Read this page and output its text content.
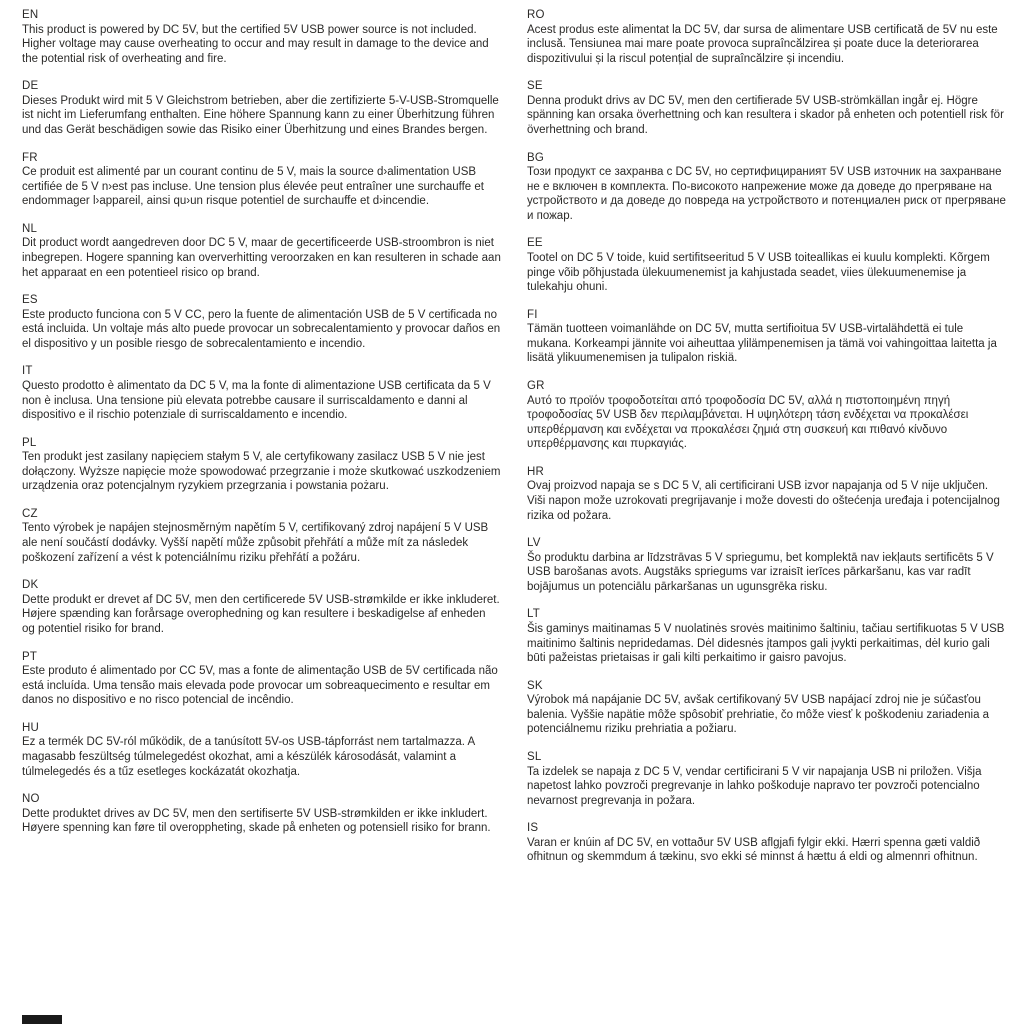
EN

This product is powered by DC 5V, but the certified 5V USB power source is not included. Higher voltage may cause overheating to occur and may result in damage to the device and the potential risk of overheating and fire.

DE

Dieses Produkt wird mit 5 V Gleichstrom betrieben, aber die zertifizierte 5-V-USB-Stromquelle ist nicht im Lieferumfang enthalten. Eine höhere Spannung kann zu einer Überhitzung führen und das Gerät beschädigen sowie das Risiko einer Überhitzung und eines Brandes bergen.

FR

Ce produit est alimenté par un courant continu de 5 V, mais la source d›alimentation USB certifiée de 5 V n›est pas incluse. Une tension plus élevée peut entraîner une surchauffe et endommager l›appareil, ainsi qu›un risque potentiel de surchauffe et d›incendie.

NL

Dit product wordt aangedreven door DC 5 V, maar de gecertificeerde USB-stroombron is niet inbegrepen. Hogere spanning kan oververhitting veroorzaken en kan resulteren in schade aan het apparaat en een potentieel risico op brand.

ES

Este producto funciona con 5 V CC, pero la fuente de alimentación USB de 5 V certificada no está incluida. Un voltaje más alto puede provocar un sobrecalentamiento y provocar daños en el dispositivo y un posible riesgo de sobrecalentamiento e incendio.

IT

Questo prodotto è alimentato da DC 5 V, ma la fonte di alimentazione USB certificata da 5 V non è inclusa. Una tensione più elevata potrebbe causare il surriscaldamento e danni al dispositivo e il rischio potenziale di surriscaldamento e incendio.

PL

Ten produkt jest zasilany napięciem stałym 5 V, ale certyfikowany zasilacz USB 5 V nie jest dołączony. Wyższe napięcie może spowodować przegrzanie i może skutkować uszkodzeniem urządzenia oraz potencjalnym ryzykiem przegrzania i powstania pożaru.

CZ

Tento výrobek je napájen stejnosměrným napětím 5 V, certifikovaný zdroj napájení 5 V USB ale není součástí dodávky. Vyšší napětí může způsobit přehřátí a může mít za následek poškození zařízení a vést k potenciálnímu riziku přehřátí a požáru.

DK

Dette produkt er drevet af DC 5V, men den certificerede 5V USB-strømkilde er ikke inkluderet. Højere spænding kan forårsage overophedning og kan resultere i beskadigelse af enheden og potentiel risiko for brand.

PT

Este produto é alimentado por CC 5V, mas a fonte de alimentação USB de 5V certificada não está incluída. Uma tensão mais elevada pode provocar um sobreaquecimento e resultar em danos no dispositivo e no risco potencial de incêndio.

HU

Ez a termék DC 5V-ról működik, de a tanúsított 5V-os USB-tápforrást nem tartalmazza. A magasabb feszültség túlmelegedést okozhat, ami a készülék károsodását, valamint a túlmelegedés és a tűz esetleges kockázatát okozhatja.

NO

Dette produktet drives av DC 5V, men den sertifiserte 5V USB-strømkilden er ikke inkludert. Høyere spenning kan føre til overoppheting, skade på enheten og potensiell risiko for brann.

RO

Acest produs este alimentat la DC 5V, dar sursa de alimentare USB certificată de 5V nu este inclusă. Tensiunea mai mare poate provoca supraîncălzirea și poate duce la deteriorarea dispozitivului și la riscul potențial de supraîncălzire și incendiu.

SE

Denna produkt drivs av DC 5V, men den certifierade 5V USB-strömkällan ingår ej. Högre spänning kan orsaka överhettning och kan resultera i skador på enheten och potentiell risk för överhettning och brand.

BG

Този продукт се захранва с DC 5V, но сертифицираният 5V USB източник на захранване не е включен в комплекта. По-високото напрежение може да доведе до прегряване на устройството и да доведе до повреда на устройството и потенциален риск от прегряване и пожар.

EE

Tootel on DC 5 V toide, kuid sertifitseeritud 5 V USB toiteallikas ei kuulu komplekti. Kõrgem pinge võib põhjustada ülekuumenemist ja kahjustada seadet, viies ülekuumenemise ja tulekahju ohuni.

FI

Tämän tuotteen voimanlähde on DC 5V, mutta sertifioitua 5V USB-virtalähdettä ei tule mukana. Korkeampi jännite voi aiheuttaa ylilämpenemisen ja tämä voi vahingoittaa laitetta ja lisätä ylikuumenemisen ja tulipalon riskiä.

GR

Αυτό το προϊόν τροφοδοτείται από τροφοδοσία DC 5V, αλλά η πιστοποιημένη πηγή τροφοδοσίας 5V USB δεν περιλαμβάνεται. Η υψηλότερη τάση ενδέχεται να προκαλέσει υπερθέρμανση και ενδέχεται να προκαλέσει ζημιά στη συσκευή και πιθανό κίνδυνο υπερθέρμανσης και πυρκαγιάς.

HR

Ovaj proizvod napaja se s DC 5 V, ali certificirani USB izvor napajanja od 5 V nije uključen. Viši napon može uzrokovati pregrijavanje i može dovesti do oštećenja uređaja i potencijalnog rizika od požara.

LV

Šo produktu darbina ar līdzstrāvas 5 V spriegumu, bet komplektā nav iekļauts sertificēts 5 V USB barošanas avots. Augstāks spriegums var izraisīt ierīces pārkaršanu, kas var radīt bojājumus un potenciālu pārkaršanas un ugunsgrēka risku.

LT

Šis gaminys maitinamas 5 V nuolatinės srovės maitinimo šaltiniu, tačiau sertifikuotas 5 V USB maitinimo šaltinis nepridedamas. Dėl didesnės įtampos gali įvykti perkaitimas, dėl kurio gali būti pažeistas prietaisas ir gali kilti perkaitimo ir gaisro pavojus.

SK

Výrobok má napájanie DC 5V, avšak certifikovaný 5V USB napájací zdroj nie je súčasťou balenia. Vyššie napätie môže spôsobiť prehriatie, čo môže viesť k poškodeniu zariadenia a potenciálnemu riziku prehriatia a požiaru.

SL

Ta izdelek se napaja z DC 5 V, vendar certificirani 5 V vir napajanja USB ni priložen. Višja napetost lahko povzroči pregrevanje in lahko poškoduje napravo ter povzroči potencialno nevarnost pregrevanja in požara.

IS

Varan er knúin af DC 5V, en vottaður 5V USB aflgjafi fylgir ekki. Hærri spenna gæti valdið ofhitnun og skemmdum á tækinu, svo ekki sé minnst á hættu á eldi og almennri ofhitnun.
